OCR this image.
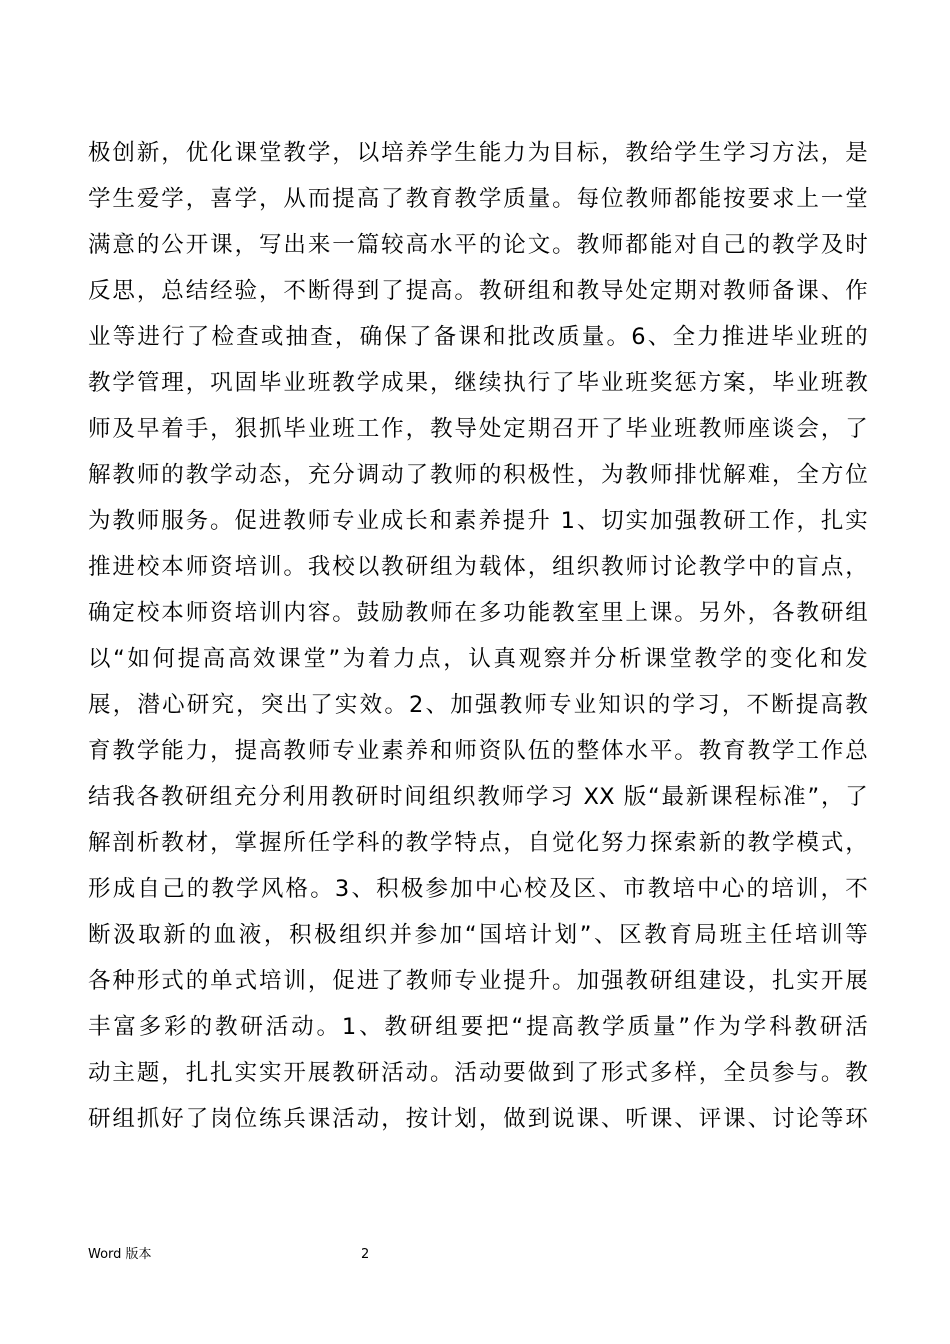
极创新，优化课堂教学，以培养学生能力为目标，教给学生学习方法，是
学生爱学，喜学，从而提高了教育教学质量。每位教师都能按要求上一堂
满意的公开课，写出来一篇较高水平的论文。教师都能对自己的教学及时
反思，总结经验，不断得到了提高。教研组和教导处定期对教师备课、作
业等进行了检查或抽查，确保了备课和批改质量。6、全力推进毕业班的
教学管理，巩固毕业班教学成果，继续执行了毕业班奖惩方案，毕业班教
师及早着手，狠抓毕业班工作，教导处定期召开了毕业班教师座谈会，了
解教师的教学动态，充分调动了教师的积极性，为教师排忧解难，全方位
为教师服务。促进教师专业成长和素养提升 1、切实加强教研工作，扎实
推进校本师资培训。我校以教研组为载体，组织教师讨论教学中的盲点，
确定校本师资培训内容。鼓励教师在多功能教室里上课。另外，各教研组
以“如何提高高效课堂”为着力点，认真观察并分析课堂教学的变化和发
展，潜心研究，突出了实效。2、加强教师专业知识的学习，不断提高教
育教学能力，提高教师专业素养和师资队伍的整体水平。教育教学工作总
结我各教研组充分利用教研时间组织教师学习 XX 版“最新课程标准”，了
解剖析教材，掌握所任学科的教学特点，自觉化努力探索新的教学模式，
形成自己的教学风格。3、积极参加中心校及区、市教培中心的培训，不
断汲取新的血液，积极组织并参加“国培计划”、区教育局班主任培训等
各种形式的单式培训，促进了教师专业提升。加强教研组建设，扎实开展
丰富多彩的教研活动。1、教研组要把“提高教学质量”作为学科教研活
动主题，扎扎实实开展教研活动。活动要做到了形式多样，全员参与。教
研组抓好了岗位练兵课活动，按计划，做到说课、听课、评课、讨论等环
Word 版本	2
